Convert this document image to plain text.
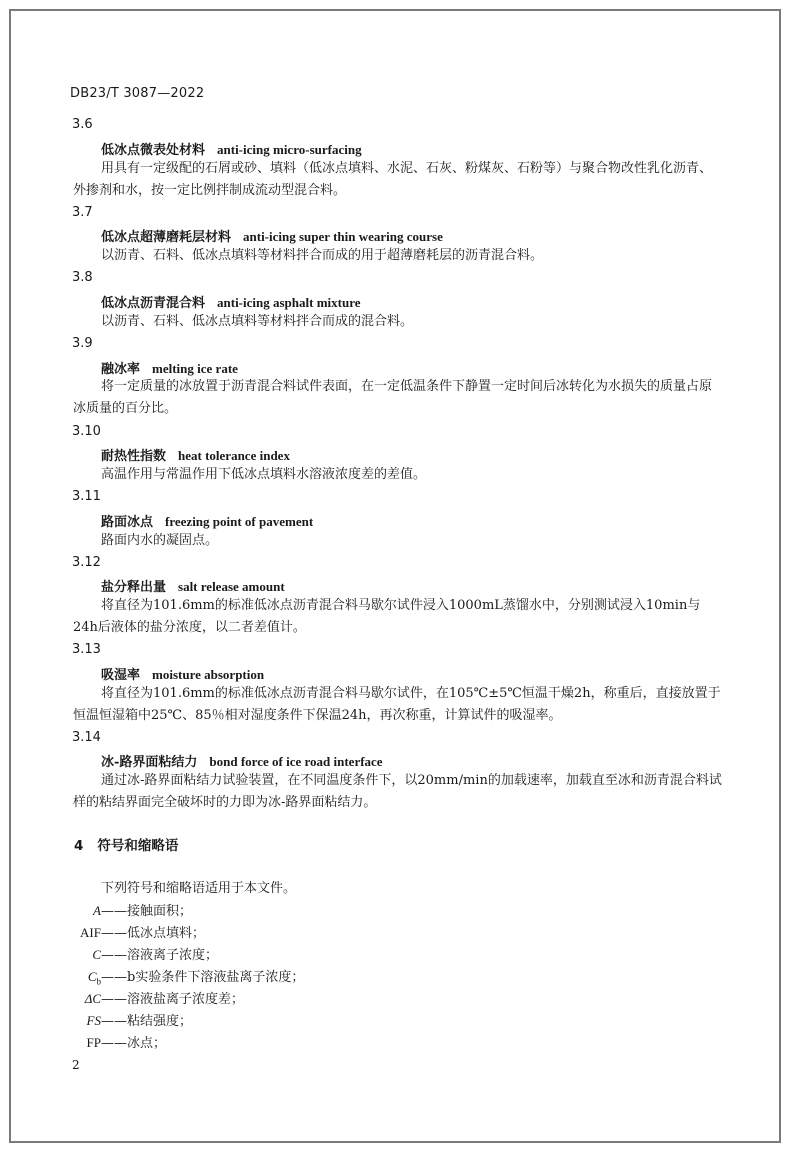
DB23/T 3087—2022
3.6
低冰点微表处材料 anti-icing micro-surfacing
用具有一定级配的石屑或砂、填料（低冰点填料、水泥、石灰、粉煤灰、石粉等）与聚合物改性乳化沥青、外掺剂和水，按一定比例拌制成流动型混合料。
3.7
低冰点超薄磨耗层材料 anti-icing super thin wearing course
以沥青、石料、低冰点填料等材料拌合而成的用于超薄磨耗层的沥青混合料。
3.8
低冰点沥青混合料 anti-icing asphalt mixture
以沥青、石料、低冰点填料等材料拌合而成的混合料。
3.9
融冰率 melting ice rate
将一定质量的冰放置于沥青混合料试件表面，在一定低温条件下静置一定时间后冰转化为水损失的质量占原冰质量的百分比。
3.10
耐热性指数 heat tolerance index
高温作用与常温作用下低冰点填料水溶液浓度差的差值。
3.11
路面冰点 freezing point of pavement
路面内水的凝固点。
3.12
盐分释出量 salt release amount
将直径为101.6mm的标准低冰点沥青混合料马歇尔试件浸入1000mL蒸馏水中，分别测试浸入10min与24h后液体的盐分浓度，以二者差值计。
3.13
吸湿率 moisture absorption
将直径为101.6mm的标准低冰点沥青混合料马歇尔试件，在105℃±5℃恒温干燥2h，称重后，直接放置于恒温恒湿箱中25℃、85％相对湿度条件下保温24h，再次称重，计算试件的吸湿率。
3.14
冰-路界面粘结力 bond force of ice road interface
通过冰-路界面粘结力试验装置，在不同温度条件下，以20mm/min的加载速率，加载直至冰和沥青混合料试样的粘结界面完全破坏时的力即为冰-路界面粘结力。
4 符号和缩略语
下列符号和缩略语适用于本文件。
A——接触面积；
AIF——低冰点填料；
C——溶液离子浓度；
$C_b——b$实验条件下溶液盐离子浓度；
ΔC——溶液盐离子浓度差；
FS——粘结强度；
FP——冰点；
2
